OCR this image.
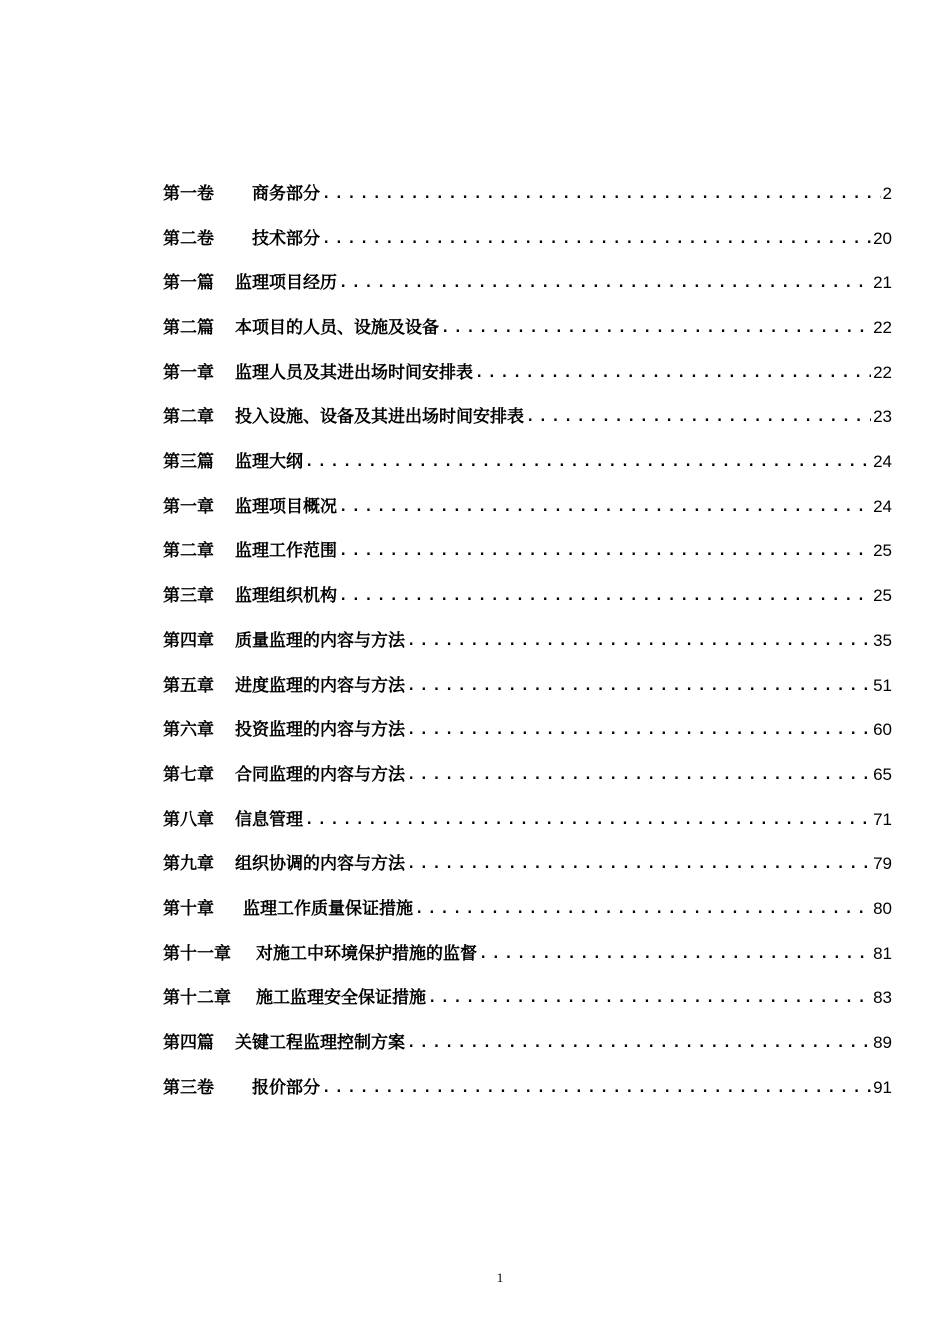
第一卷 商务部分 .....	2
第二卷 技术部分 .....	20
第一篇 监理项目经历 .....	21
第二篇 本项目的人员、设施及设备 .....	22
第一章 监理人员及其进出场时间安排表 .....	22
第二章 投入设施、设备及其进出场时间安排表 .....	23
第三篇 监理大纲 .....	24
第一章 监理项目概况 .....	24
第二章 监理工作范围 .....	25
第三章 监理组织机构 .....	25
第四章 质量监理的内容与方法 .....	35
第五章 进度监理的内容与方法 .....	51
第六章 投资监理的内容与方法 .....	60
第七章 合同监理的内容与方法 .....	65
第八章 信息管理 .....	71
第九章 组织协调的内容与方法 .....	79
第十章 监理工作质量保证措施 .....	80
第十一章 对施工中环境保护措施的监督 .....	81
第十二章 施工监理安全保证措施 .....	83
第四篇 关键工程监理控制方案 .....	89
第三卷 报价部分 .....	91
1
